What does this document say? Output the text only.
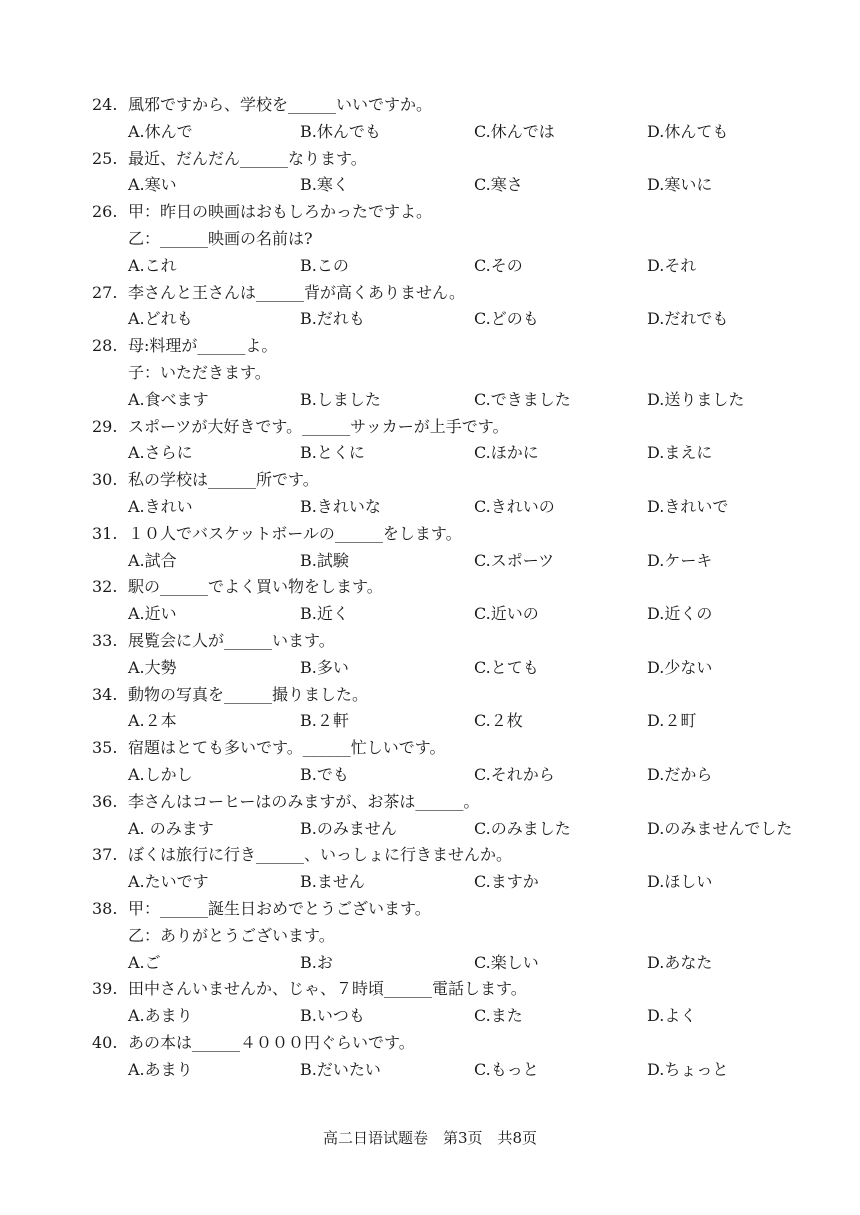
24. 風邪ですから、学校を______いいですか。
A.休んで	B.休んでも	C.休んでは	D.休んても
25. 最近、だんだん______なります。
A.寒い	B.寒く	C.寒さ	D.寒いに
26. 甲：昨日の映画はおもしろかったですよ。
乙：______映画の名前は?
A.これ	B.この	C.その	D.それ
27. 李さんと王さんは______背が高くありません。
A.どれも	B.だれも	C.どのも	D.だれでも
28. 母:料理が______よ。
子：いただきます。
A.食べます	B.しました	C.できました	D.送りました
29. スポーツが大好きです。______サッカーが上手です。
A.さらに	B.とくに	C.ほかに	D.まえに
30. 私の学校は______所です。
A.きれい	B.きれいな	C.きれいの	D.きれいで
31. １０人でバスケットボールの______をします。
A.試合	B.試験	C.スポーツ	D.ケーキ
32. 駅の______でよく買い物をします。
A.近い	B.近く	C.近いの	D.近くの
33. 展覧会に人が______います。
A.大勢	B.多い	C.とても	D.少ない
34. 動物の写真を______撮りました。
A.２本	B.２軒	C.２枚	D.２町
35. 宿題はとても多いです。______忙しいです。
A.しかし	B.でも	C.それから	D.だから
36. 李さんはコーヒーはのみますが、お茶は______。
A. のみます	B.のみません	C.のみました	D.のみませんでした
37. ぼくは旅行に行き______、いっしょに行きませんか。
A.たいです	B.ません	C.ますか	D.ほしい
38. 甲：______誕生日おめでとうございます。
乙：ありがとうございます。
A.ご	B.お	C.楽しい	D.あなた
39. 田中さんいませんか、じゃ、７時頃______電話します。
A.あまり	B.いつも	C.また	D.よく
40. あの本は______４０００円ぐらいです。
A.あまり	B.だいたい	C.もっと	D.ちょっと
高二日语试题卷　第3页　共8页
